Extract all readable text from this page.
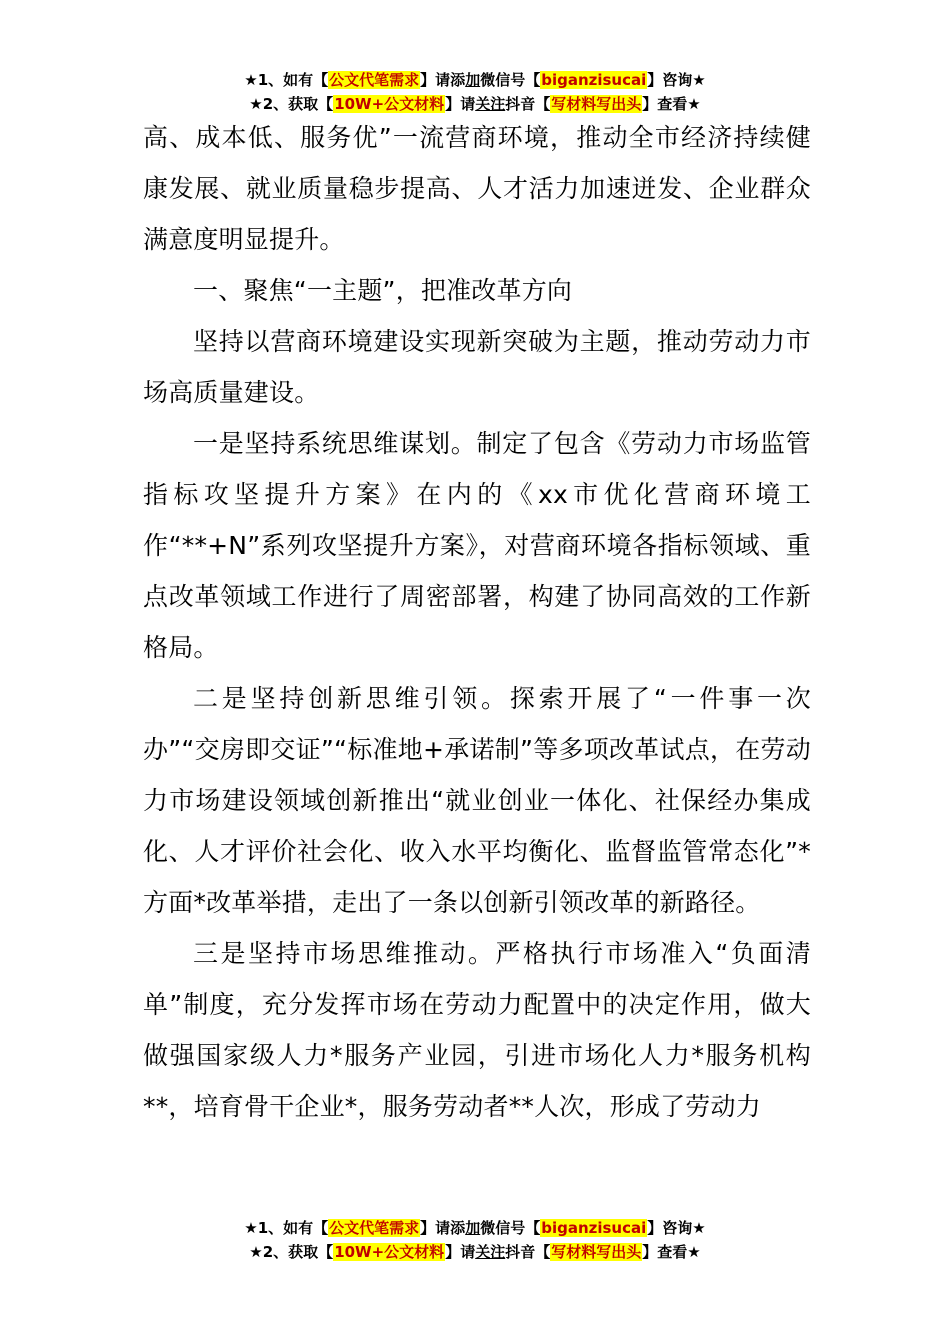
★1、如有【公文代笔需求】请添加微信号【biganzisucai】咨询★
★2、获取【10W+公文材料】请关注抖音【写材料写出头】查看★

高、成本低、服务优”一流营商环境，推动全市经济持续健康发展、就业质量稳步提高、人才活力加速迸发、企业群众满意度明显提升。

一、聚焦“一主题”，把准改革方向

坚持以营商环境建设实现新突破为主题，推动劳动力市场高质量建设。

一是坚持系统思维谋划。制定了包含《劳动力市场监管指标攻坚提升方案》在内的《xx市优化营商环境工作“**+N”系列攻坚提升方案》，对营商环境各指标领域、重点改革领域工作进行了周密部署，构建了协同高效的工作新格局。

二是坚持创新思维引领。探索开展了“一件事一次办”“交房即交证”“标准地+承诺制”等多项改革试点，在劳动力市场建设领域创新推出“就业创业一体化、社保经办集成化、人才评价社会化、收入水平均衡化、监督监管常态化”*方面*改革举措，走出了一条以创新引领改革的新路径。

三是坚持市场思维推动。严格执行市场准入“负面清单”制度，充分发挥市场在劳动力配置中的决定作用，做大做强国家级人力*服务产业园，引进市场化人力*服务机构**，培育骨干企业*，服务劳动者**人次，形成了劳动力

★1、如有【公文代笔需求】请添加微信号【biganzisucai】咨询★
★2、获取【10W+公文材料】请关注抖音【写材料写出头】查看★
